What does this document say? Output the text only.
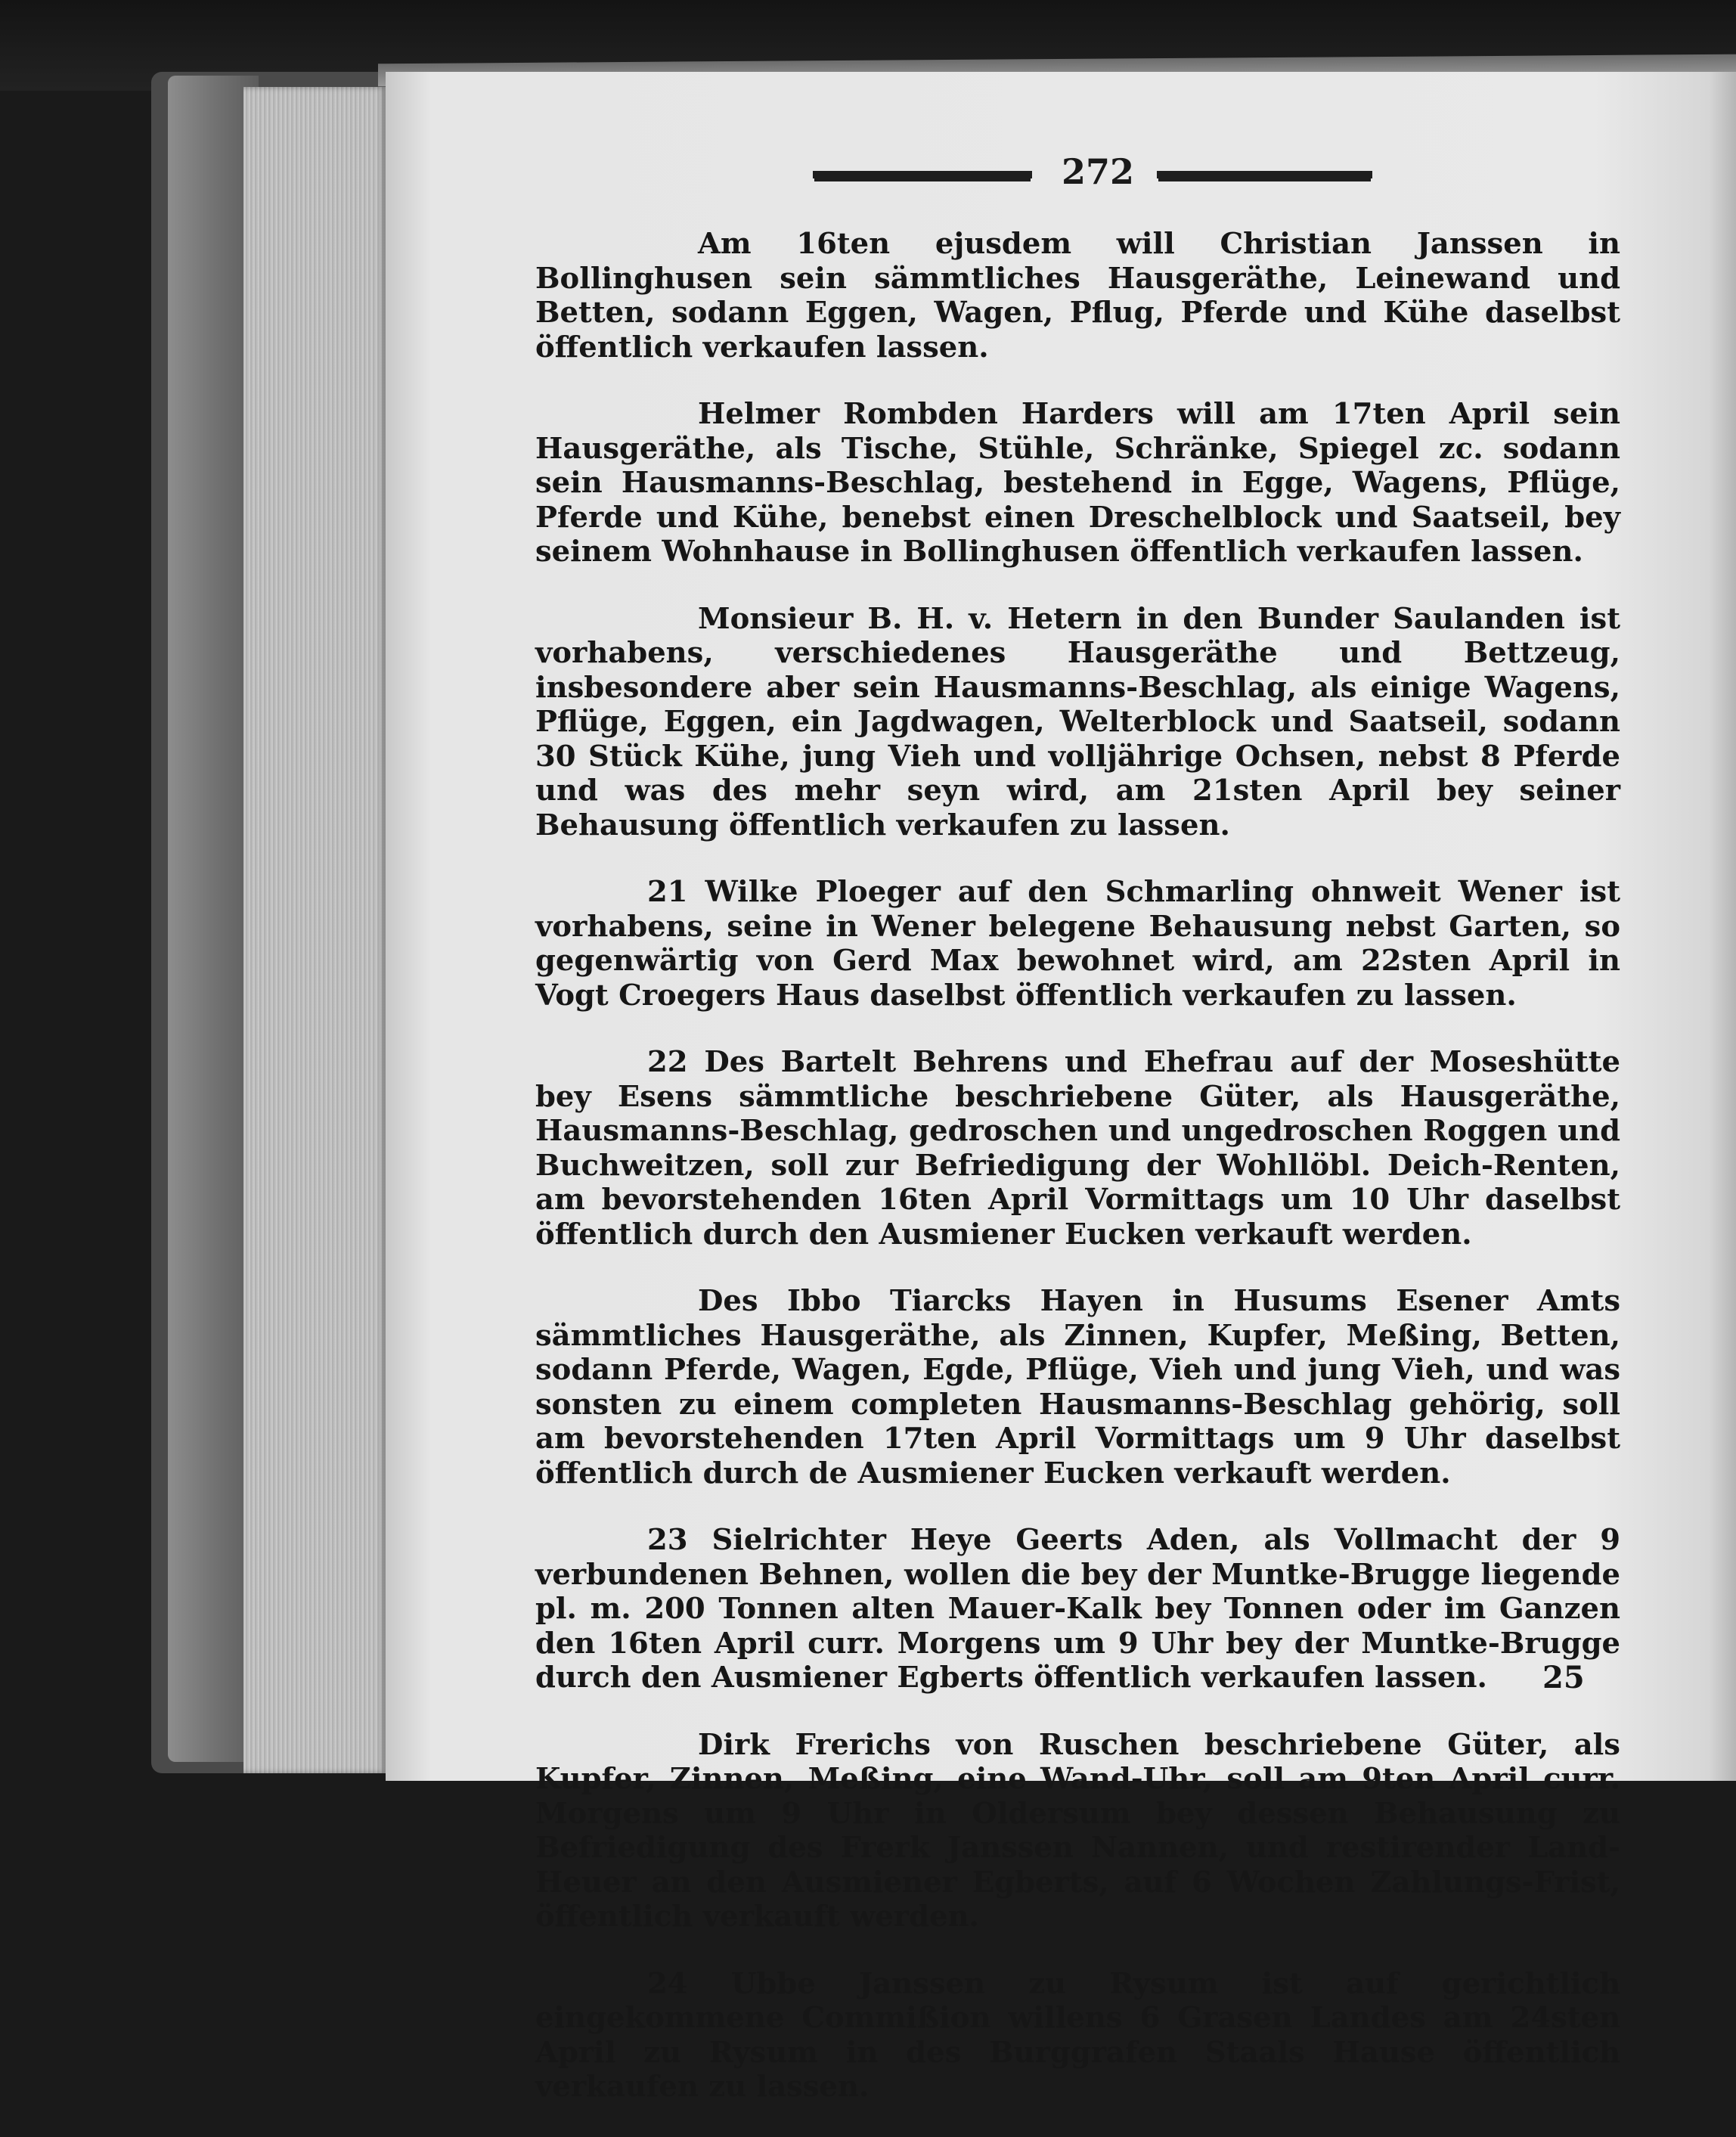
272

Am 16ten ejusdem will Christian Janssen in Bollinghusen sein sämmtliches Hausgeräthe, Leinewand und Betten, sodann Eggen, Wagen, Pflug, Pferde und Kühe daselbst öffentlich verkaufen lassen.

Helmer Rombden Harders will am 17ten April sein Hausgeräthe, als Tische, Stühle, Schränke, Spiegel zc. sodann sein Hausmanns-Beschlag, bestehend in Egge, Wagens, Pflüge, Pferde und Kühe, benebst einen Dreschelblock und Saatseil, bey seinem Wohnhause in Bollinghusen öffentlich verkaufen lassen.

Monsieur B. H. v. Hetern in den Bunder Saulanden ist vorhabens, verschiedenes Hausgeräthe und Bettzeug, insbesondere aber sein Hausmanns-Beschlag, als einige Wagens, Pflüge, Eggen, ein Jagdwagen, Welterblock und Saatseil, sodann 30 Stück Kühe, jung Vieh und volljährige Ochsen, nebst 8 Pferde und was des mehr seyn wird, am 21sten April bey seiner Behausung öffentlich verkaufen zu lassen.

21 Wilke Ploeger auf den Schmarling ohnweit Wener ist vorhabens, seine in Wener belegene Behausung nebst Garten, so gegenwärtig von Gerd Max bewohnet wird, am 22sten April in Vogt Croegers Haus daselbst öffentlich verkaufen zu lassen.

22 Des Bartelt Behrens und Ehefrau auf der Moseshütte bey Esens sämmtliche beschriebene Güter, als Hausgeräthe, Hausmanns-Beschlag, gedroschen und ungedroschen Roggen und Buchweitzen, soll zur Befriedigung der Wohllöbl. Deich-Renten, am bevorstehenden 16ten April Vormittags um 10 Uhr daselbst öffentlich durch den Ausmiener Eucken verkauft werden.

Des Ibbo Tiarcks Hayen in Husums Esener Amts sämmtliches Hausgeräthe, als Zinnen, Kupfer, Meßing, Betten, sodann Pferde, Wagen, Egde, Pflüge, Vieh und jung Vieh, und was sonsten zu einem completen Hausmanns-Beschlag gehörig, soll am bevorstehenden 17ten April Vormittags um 9 Uhr daselbst öffentlich durch de Ausmiener Eucken verkauft werden.

23 Sielrichter Heye Geerts Aden, als Vollmacht der 9 verbundenen Behnen, wollen die bey der Muntke-Brugge liegende pl. m. 200 Tonnen alten Mauer-Kalk bey Tonnen oder im Ganzen den 16ten April curr. Morgens um 9 Uhr bey der Muntke-Brugge durch den Ausmiener Egberts öffentlich verkaufen lassen.

Dirk Frerichs von Ruschen beschriebene Güter, als Kupfer, Zinnen, Meßing, eine Wand-Uhr, soll am 9ten April curr. Morgens um 9 Uhr in Oldersum bey dessen Behausung zu Befriedigung des Frerk Janssen Nannen, und restirender Land-Heuer an den Ausmiener Egberts, auf 6 Wochen Zahlungs-Frist, öffentlich verkauft werden.

24 Ubbe Janssen zu Rysum ist auf gerichtlich eingekommene Commißion willens 6 Grasen Landes am 24sten April zu Rysum in des Burggrafen Staals Hause öffentlich verkaufen zu lassen.

25
